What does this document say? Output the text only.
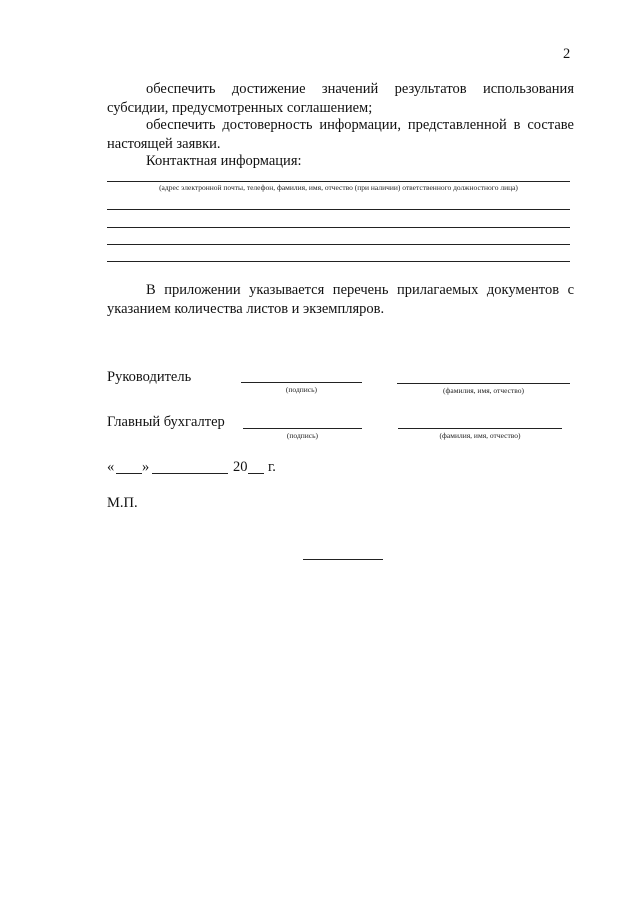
2
обеспечить достижение значений результатов использования субсидии, предусмотренных соглашением;
обеспечить достоверность информации, представленной в составе настоящей заявки.
Контактная информация:
(адрес электронной почты, телефон, фамилия, имя, отчество (при наличии) ответственного должностного лица)
В приложении указывается перечень прилагаемых документов с указанием количества листов и экземпляров.
Руководитель
(подпись)	(фамилия, имя, отчество)
Главный бухгалтер
(подпись)	(фамилия, имя, отчество)
« »	20 г.
М.П.
